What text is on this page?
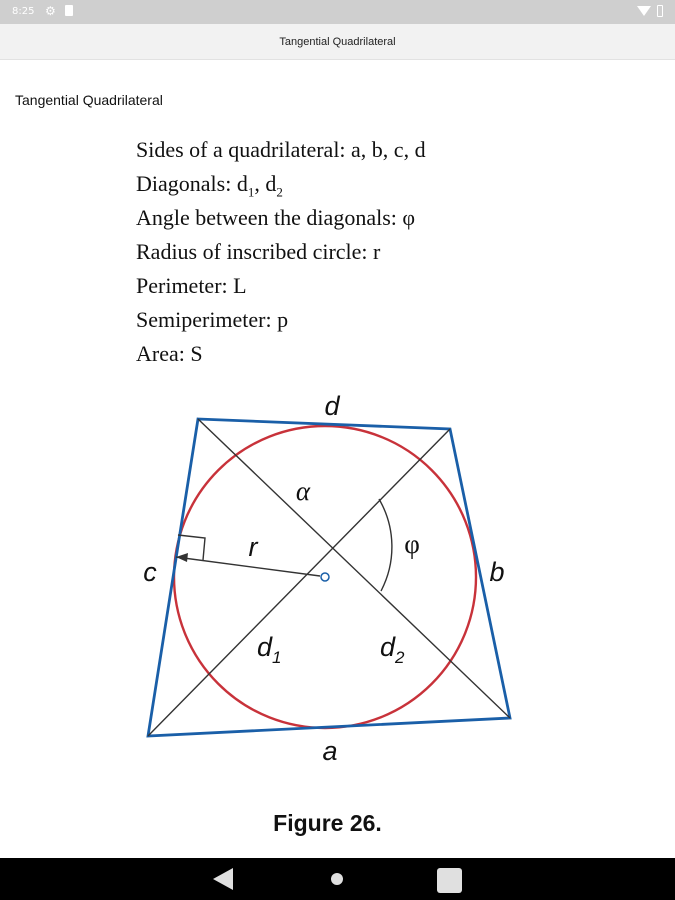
8:25 ⚙
Tangential Quadrilateral
Tangential Quadrilateral
Sides of a quadrilateral: a, b, c, d
Diagonals: $d_1$, $d_2$
Angle between the diagonals: φ
Radius of inscribed circle: r
Perimeter: L
Semiperimeter: p
Area: S
d
a
c	b
r
α
φ
$d_1$	$d_2$
Figure 26.
